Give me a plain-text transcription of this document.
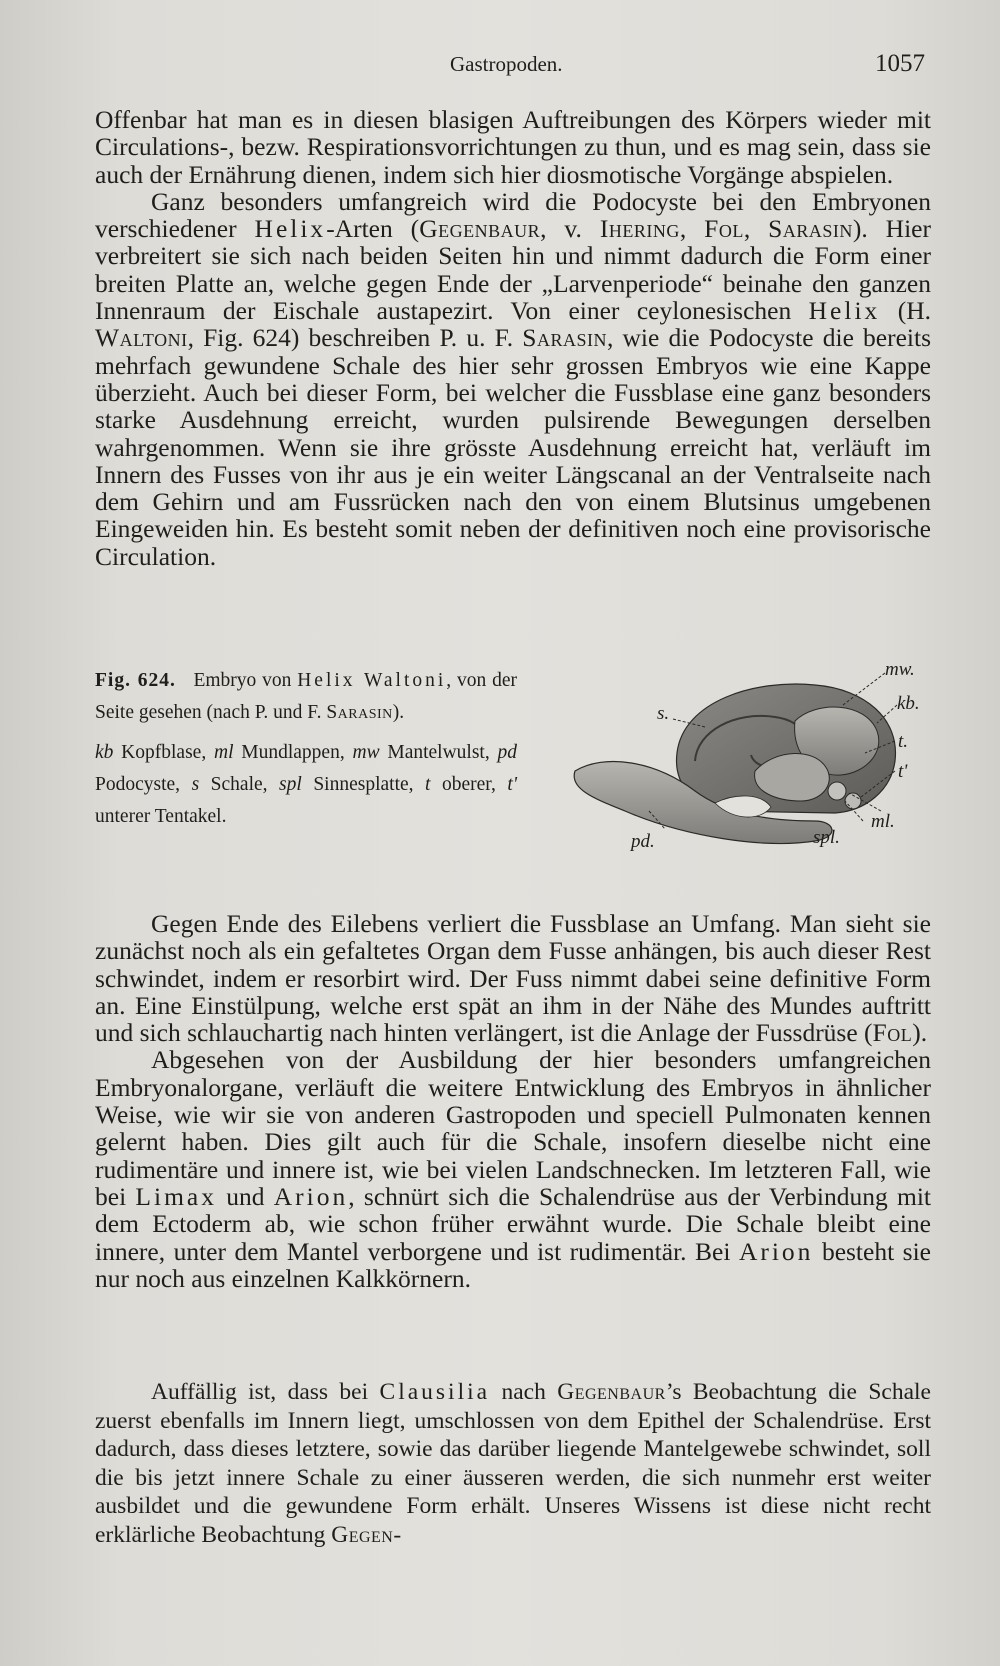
Gastropoden.	1057

Offenbar hat man es in diesen blasigen Auftreibungen des Körpers wieder mit Circulations-, bezw. Respirationsvorrichtungen zu thun, und es mag sein, dass sie auch der Ernährung dienen, indem sich hier diosmotische Vorgänge abspielen.

Ganz besonders umfangreich wird die Podocyste bei den Embryonen verschiedener Helix-Arten (Gegenbaur, v. Ihering, Fol, Sarasin). Hier verbreitert sie sich nach beiden Seiten hin und nimmt dadurch die Form einer breiten Platte an, welche gegen Ende der „Larvenperiode“ beinahe den ganzen Innenraum der Eischale austapezirt. Von einer ceylonesischen Helix (H. Waltoni, Fig. 624) beschreiben P. u. F. Sarasin, wie die Podocyste die bereits mehrfach gewundene Schale des hier sehr grossen Embryos wie eine Kappe überzieht. Auch bei dieser Form, bei welcher die Fussblase eine ganz besonders starke Ausdehnung erreicht, wurden pulsirende Bewegungen derselben wahrgenommen. Wenn sie ihre grösste Ausdehnung erreicht hat, verläuft im Innern des Fusses von ihr aus je ein weiter Längscanal an der Ventralseite nach dem Gehirn und am Fussrücken nach den von einem Blutsinus umgebenen Eingeweiden hin. Es besteht somit neben der definitiven noch eine provisorische Circulation.

Fig. 624. Embryo von Helix Waltoni, von der Seite gesehen (nach P. und F. Sarasin).

kb Kopfblase, ml Mundlappen, mw Mantelwulst, pd Podocyste, s Schale, spl Sinnesplatte, t oberer, t' unterer Tentakel.

mw.
kb.
t.
t'
ml.
spl.
pd.
s.

Gegen Ende des Eilebens verliert die Fussblase an Umfang. Man sieht sie zunächst noch als ein gefaltetes Organ dem Fusse anhängen, bis auch dieser Rest schwindet, indem er resorbirt wird. Der Fuss nimmt dabei seine definitive Form an. Eine Einstülpung, welche erst spät an ihm in der Nähe des Mundes auftritt und sich schlauchartig nach hinten verlängert, ist die Anlage der Fussdrüse (Fol).

Abgesehen von der Ausbildung der hier besonders umfangreichen Embryonalorgane, verläuft die weitere Entwicklung des Embryos in ähnlicher Weise, wie wir sie von anderen Gastropoden und speciell Pulmonaten kennen gelernt haben. Dies gilt auch für die Schale, insofern dieselbe nicht eine rudimentäre und innere ist, wie bei vielen Landschnecken. Im letzteren Fall, wie bei Limax und Arion, schnürt sich die Schalendrüse aus der Verbindung mit dem Ectoderm ab, wie schon früher erwähnt wurde. Die Schale bleibt eine innere, unter dem Mantel verborgene und ist rudimentär. Bei Arion besteht sie nur noch aus einzelnen Kalkkörnern.

Auffällig ist, dass bei Clausilia nach Gegenbaur’s Beobachtung die Schale zuerst ebenfalls im Innern liegt, umschlossen von dem Epithel der Schalendrüse. Erst dadurch, dass dieses letztere, sowie das darüber liegende Mantelgewebe schwindet, soll die bis jetzt innere Schale zu einer äusseren werden, die sich nunmehr erst weiter ausbildet und die gewundene Form erhält. Unseres Wissens ist diese nicht recht erklärliche Beobachtung Gegen-
